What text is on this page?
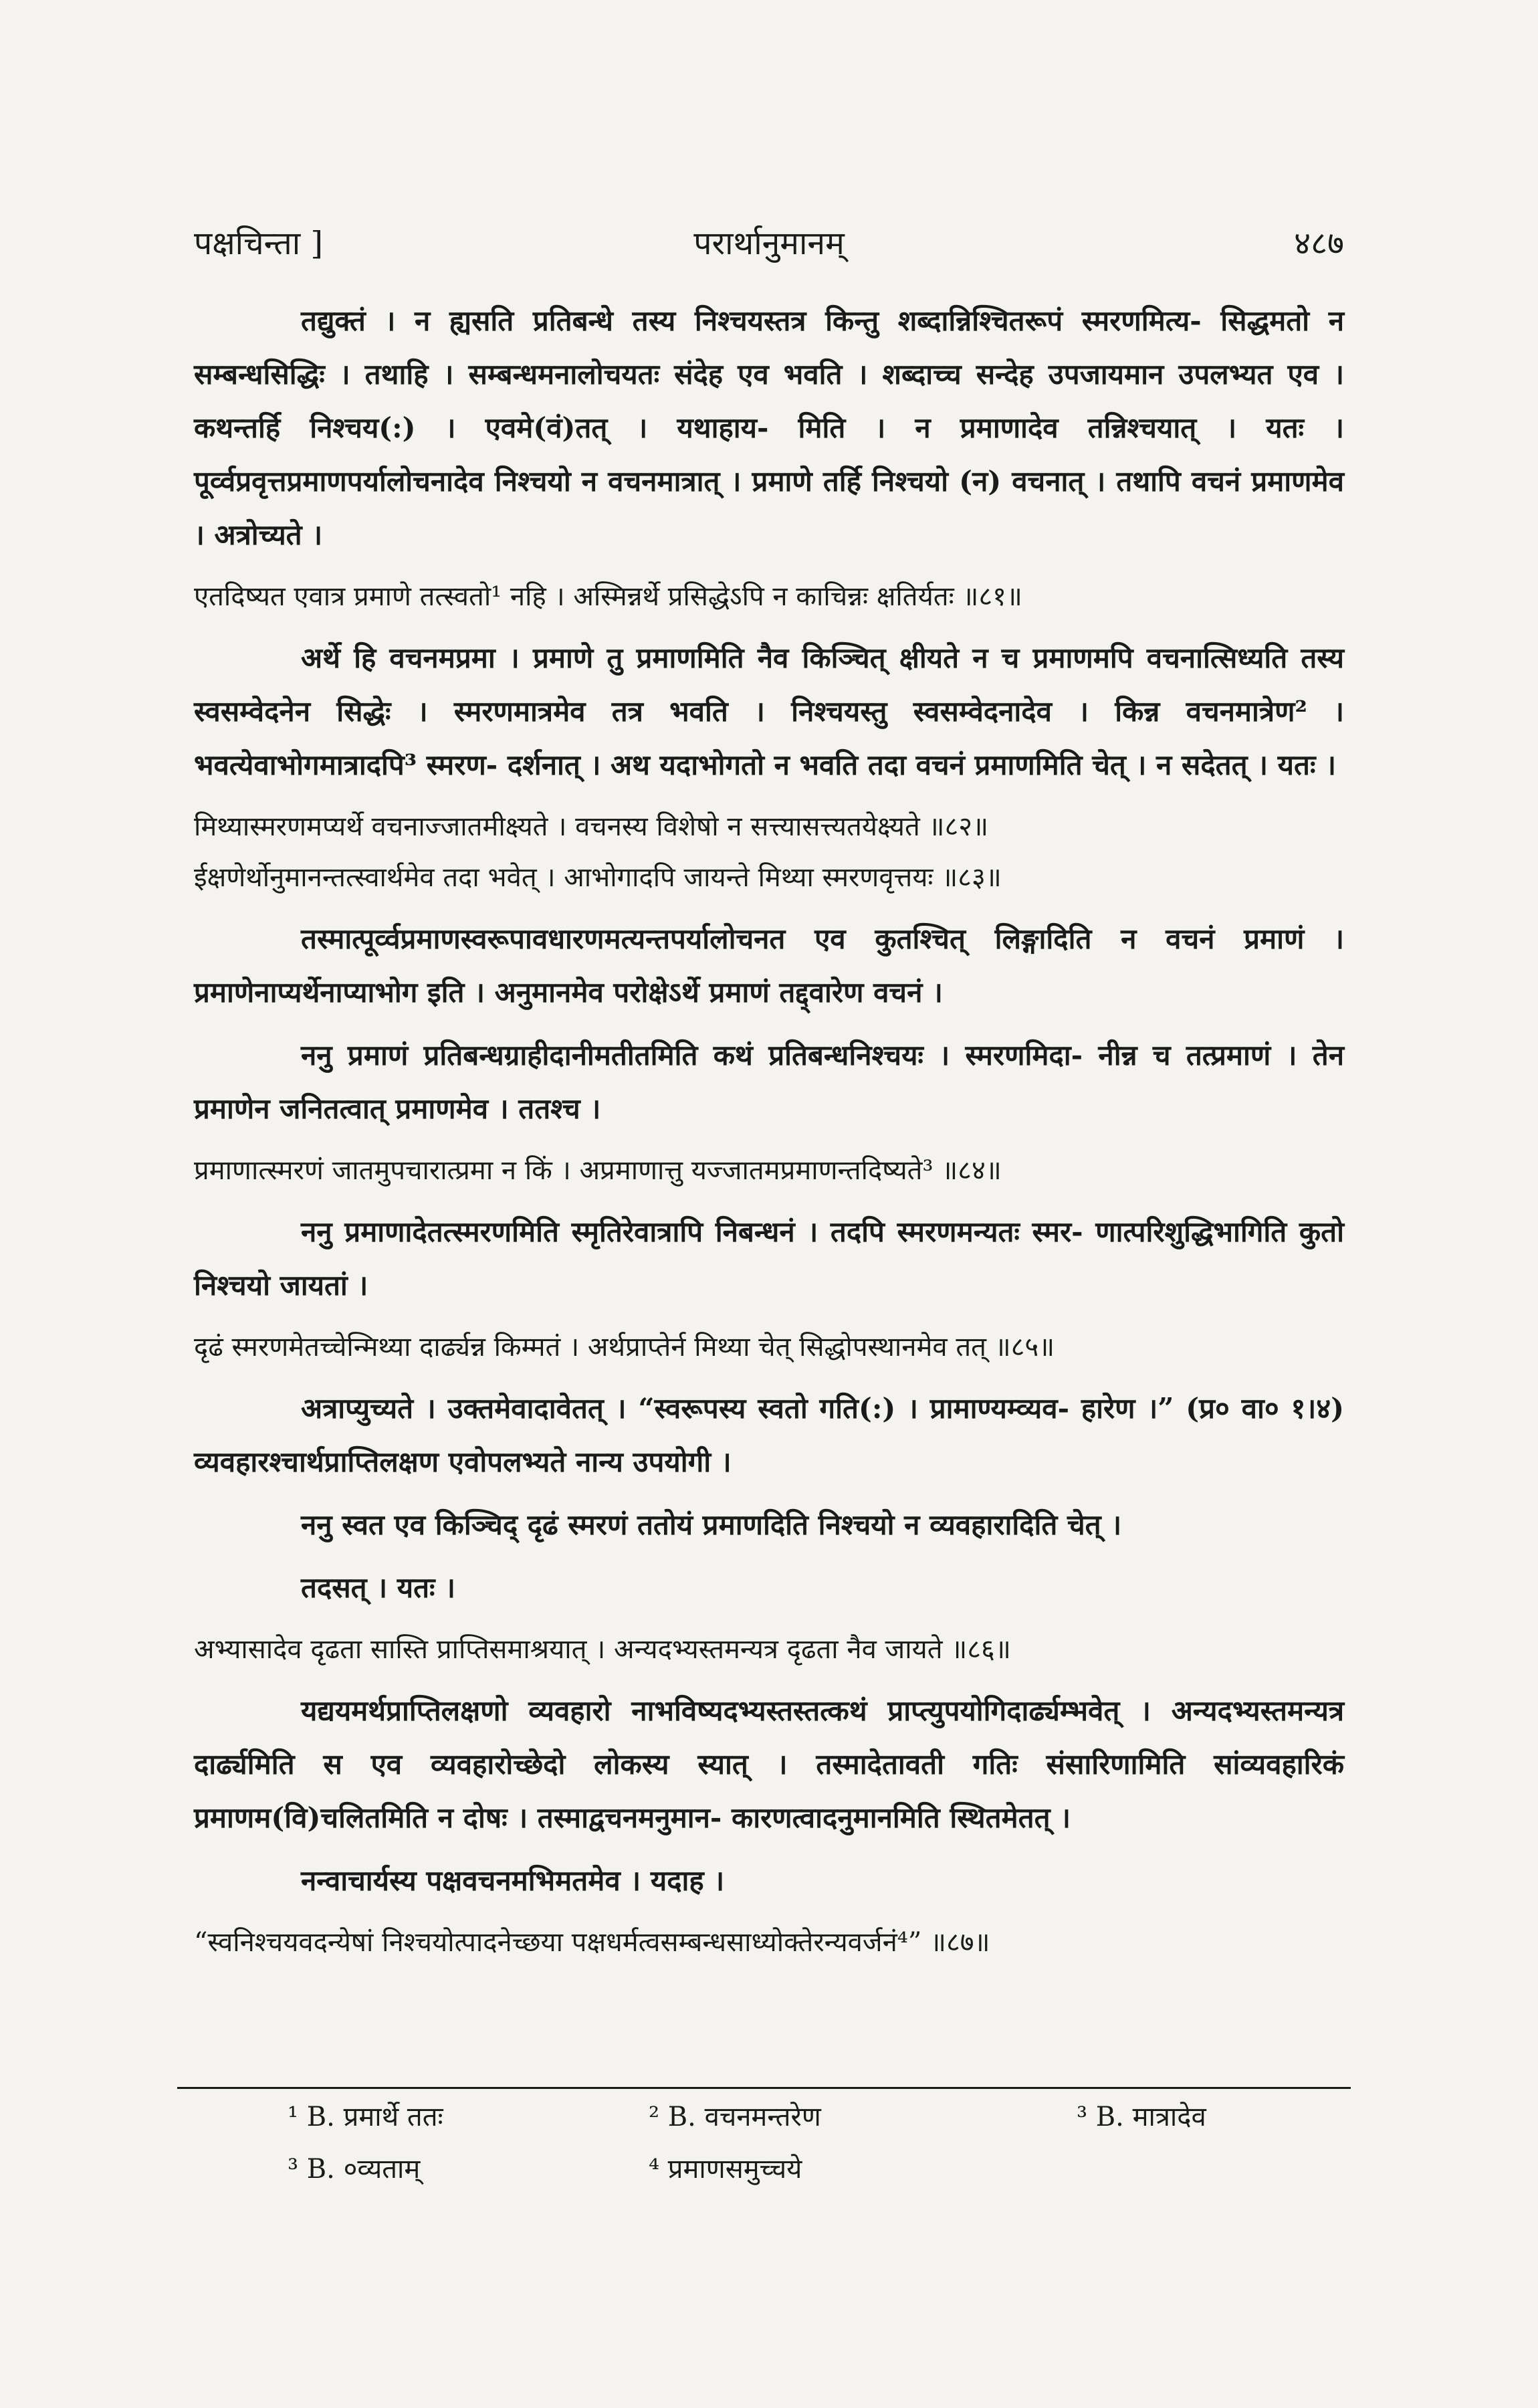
पक्षचिन्ता ]	परार्थानुमानम्	४८७

तद्युक्तं । न ह्यसति प्रतिबन्धे तस्य निश्चयस्तत्र किन्तु शब्दान्निश्चितरूपं स्मरणमित्य- सिद्धमतो न सम्बन्धसिद्धिः । तथाहि । सम्बन्धमनालोचयतः संदेह एव भवति । शब्दाच्च सन्देह उपजायमान उपलभ्यत एव । कथन्तर्हि निश्चय(:) । एवमे(वं)तत् । यथाहाय- मिति । न प्रमाणादेव तन्निश्चयात् । यतः । पूर्व्वप्रवृत्तप्रमाणपर्यालोचनादेव निश्चयो न वचनमात्रात् । प्रमाणे तर्हि निश्चयो (न) वचनात् । तथापि वचनं प्रमाणमेव । अत्रोच्यते ।

एतदिष्यत एवात्र प्रमाणे तत्स्वतो¹ नहि । अस्मिन्नर्थे प्रसिद्धेऽपि न काचिन्नः क्षतिर्यतः ॥८१॥

अर्थे हि वचनमप्रमा । प्रमाणे तु प्रमाणमिति नैव किञ्चित् क्षीयते न च प्रमाणमपि वचनात्सिध्यति तस्य स्वसम्वेदनेन सिद्धेः । स्मरणमात्रमेव तत्र भवति । निश्चयस्तु स्वसम्वेदनादेव । किन्न वचनमात्रेण² । भवत्येवाभोगमात्रादपि³ स्मरण- दर्शनात् । अथ यदाभोगतो न भवति तदा वचनं प्रमाणमिति चेत् । न सदेतत् । यतः ।

मिथ्यास्मरणमप्यर्थे वचनाज्जातमीक्ष्यते । वचनस्य विशेषो न सत्त्यासत्त्यतयेक्ष्यते ॥८२॥

ईक्षणेर्थोनुमानन्तत्स्वार्थमेव तदा भवेत् । आभोगादपि जायन्ते मिथ्या स्मरणवृत्तयः ॥८३॥

तस्मात्पूर्व्वप्रमाणस्वरूपावधारणमत्यन्तपर्यालोचनत एव कुतश्चित् लिङ्गादिति न वचनं प्रमाणं । प्रमाणेनाप्यर्थेनाप्याभोग इति । अनुमानमेव परोक्षेऽर्थे प्रमाणं तद्द्वारेण वचनं ।

ननु प्रमाणं प्रतिबन्धग्राहीदानीमतीतमिति कथं प्रतिबन्धनिश्चयः । स्मरणमिदा- नीन्न च तत्प्रमाणं । तेन प्रमाणेन जनितत्वात् प्रमाणमेव । ततश्च ।

प्रमाणात्स्मरणं जातमुपचारात्प्रमा न किं । अप्रमाणात्तु यज्जातमप्रमाणन्तदिष्यते³ ॥८४॥

ननु प्रमाणादेतत्स्मरणमिति स्मृतिरेवात्रापि निबन्धनं । तदपि स्मरणमन्यतः स्मर- णात्परिशुद्धिभागिति कुतो निश्चयो जायतां ।

दृढं स्मरणमेतच्चेन्मिथ्या दार्ढ्यन्न किम्मतं । अर्थप्राप्तेर्न मिथ्या चेत् सिद्धोपस्थानमेव तत् ॥८५॥

अत्राप्युच्यते । उक्तमेवादावेतत् । “स्वरूपस्य स्वतो गति(:) । प्रामाण्यम्व्यव- हारेण ।” (प्र० वा० १।४) व्यवहारश्चार्थप्राप्तिलक्षण एवोपलभ्यते नान्य उपयोगी ।

ननु स्वत एव किञ्चिद् दृढं स्मरणं ततोयं प्रमाणदिति निश्चयो न व्यवहारादिति चेत् ।

तदसत् । यतः ।

अभ्यासादेव दृढता सास्ति प्राप्तिसमाश्रयात् । अन्यदभ्यस्तमन्यत्र दृढता नैव जायते ॥८६॥

यद्ययमर्थप्राप्तिलक्षणो व्यवहारो नाभविष्यदभ्यस्तस्तत्कथं प्राप्त्युपयोगिदार्ढ्यम्भवेत् । अन्यदभ्यस्तमन्यत्र दार्ढ्यमिति स एव व्यवहारोच्छेदो लोकस्य स्यात् । तस्मादेतावती गतिः संसारिणामिति सांव्यवहारिकं प्रमाणम(वि)चलितमिति न दोषः । तस्माद्वचनमनुमान- कारणत्वादनुमानमिति स्थितमेतत् ।

नन्वाचार्यस्य पक्षवचनमभिमतमेव । यदाह ।

“स्वनिश्चयवदन्येषां निश्चयोत्पादनेच्छया पक्षधर्मत्वसम्बन्धसाध्योक्तेरन्यवर्जनं⁴” ॥८७॥

¹ B. प्रमार्थे ततः	² B. वचनमन्तरेण	³ B. मात्रादेव
³ B. ०व्यताम्	⁴ प्रमाणसमुच्चये
